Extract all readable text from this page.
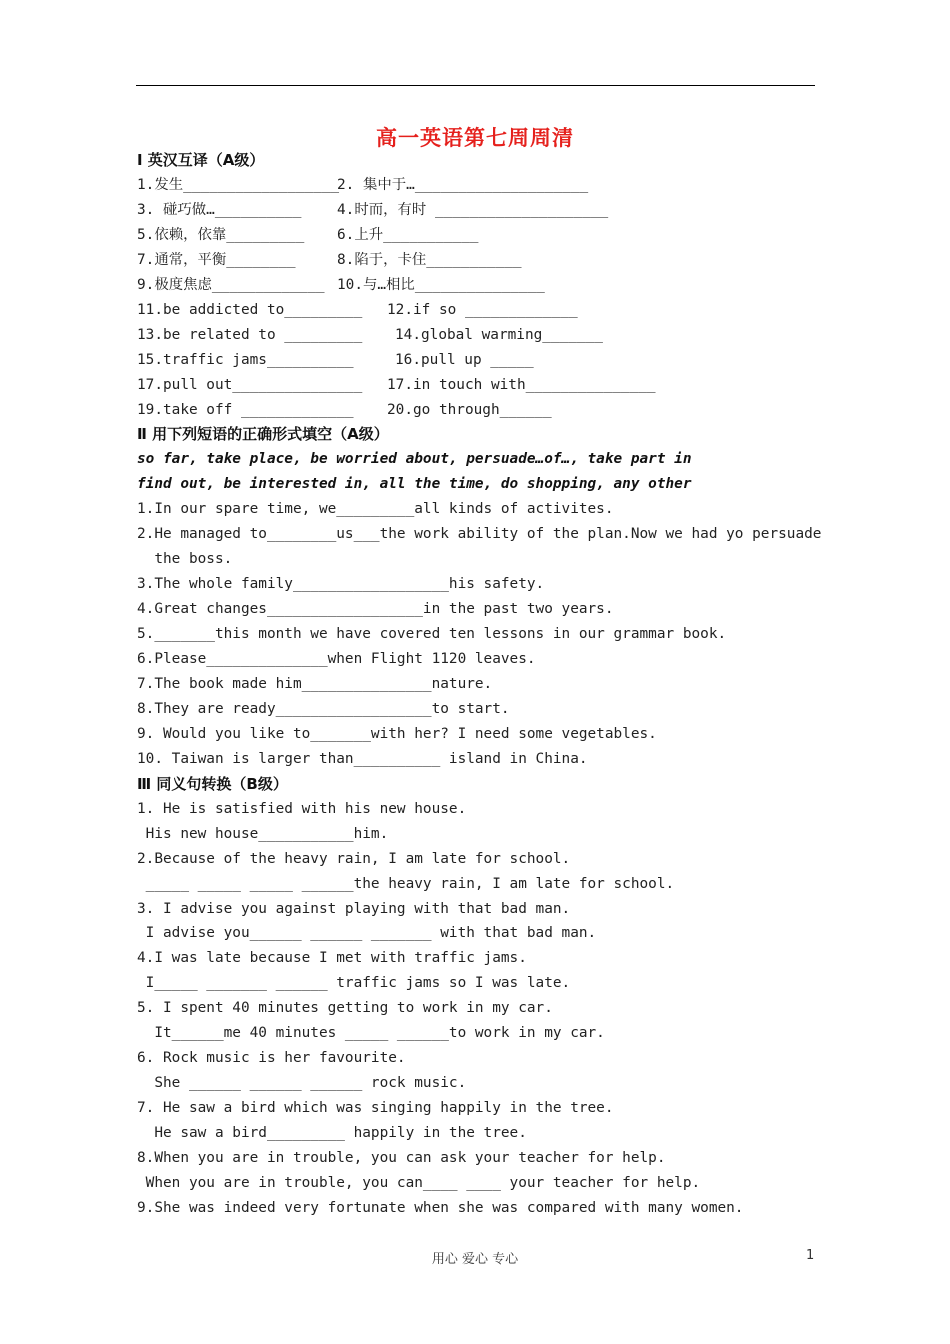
高一英语第七周周清
Ⅰ 英汉互译（A级）
1.发生__________________
2. 集中于…____________________
3. 碰巧做…__________ 4.时而，有时 ____________________
5.依赖，依靠_________ 6.上升___________
7.通常，平衡________	8.陷于，卡住___________
9.极度焦虑_____________ 10.与…相比_______________
11.be addicted to_________ 12.if so _____________
13.be related to _________ 14.global warming_______
15.traffic jams__________	16.pull up _____
17.pull out_______________ 17.in touch with_______________
19.take off _____________ 20.go through______
Ⅱ 用下列短语的正确形式填空（A级）
so far, take place, be worried about, persuade…of…, take part in
find out, be interested in, all the time, do shopping, any other
1.In our spare time, we_________all kinds of activites.
2.He managed to________us___the work ability of the plan.Now we had yo persuade
the boss.
3.The whole family__________________his safety.
4.Great changes__________________in the past two years.
5._______this month we have covered ten lessons in our grammar book.
6.Please______________when Flight 1120 leaves.
7.The book made him_______________nature.
8.They are ready__________________to start.
9. Would you like to_______with her? I need some vegetables.
10. Taiwan is larger than__________ island in China.
Ⅲ 同义句转换（B级）
1. He is satisfied with his new house.
His new house___________him.
2.Because of the heavy rain, I am late for school.
_____ _____ _____ ______the heavy rain, I am late for school.
3. I advise you against playing with that bad man.
I advise you______ ______ _______ with that bad man.
4.I was late because I met with traffic jams.
I_____ _______ ______ traffic jams so I was late.
5. I spent 40 minutes getting to work in my car.
It______me 40 minutes _____ ______to work in my car.
6. Rock music is her favourite.
She ______ ______ ______ rock music.
7. He saw a bird which was singing happily in the tree.
He saw a bird_________ happily in the tree.
8.When you are in trouble, you can ask your teacher for help.
When you are in trouble, you can____ ____ your teacher for help.
9.She was indeed very fortunate when she was compared with many women.
用心 爱心 专心	1
